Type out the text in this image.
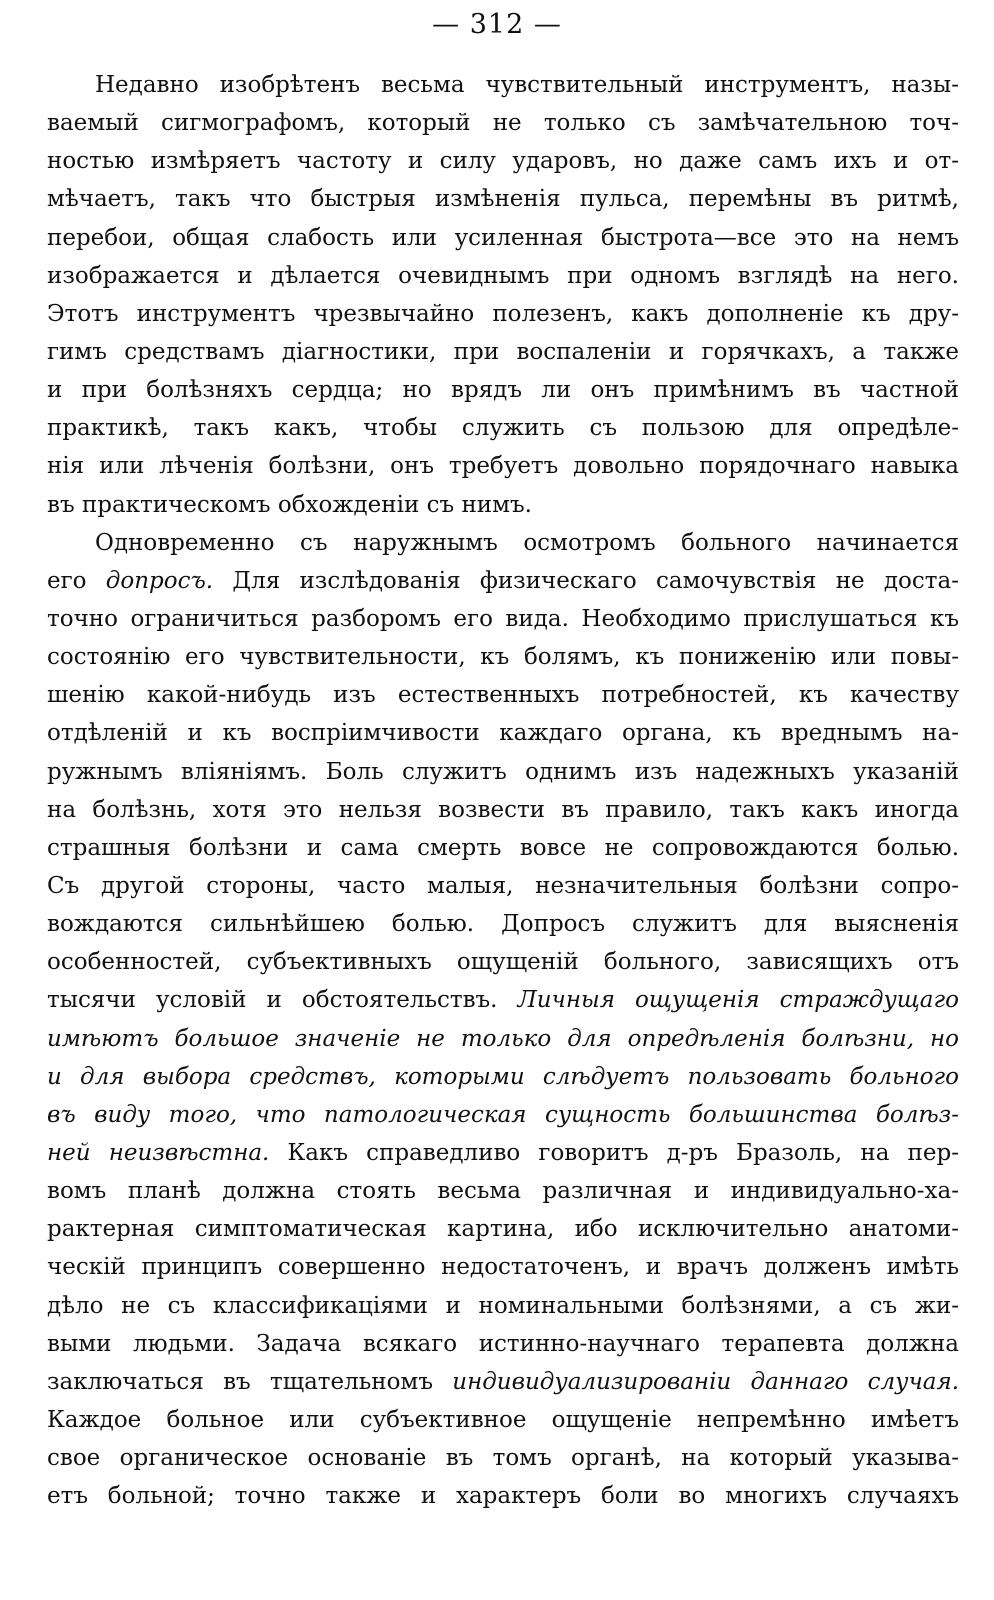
— 312 —
Недавно изобрѣтенъ весьма чувствительный инструментъ, назы-
ваемый сигмографомъ, который не только съ замѣчательною точ-
ностью измѣряетъ частоту и силу ударовъ, но даже самъ ихъ и от-
мѣчаетъ, такъ что быстрыя измѣненія пульса, перемѣны въ ритмѣ,
перебои, общая слабость или усиленная быстрота—все это на немъ
изображается и дѣлается очевиднымъ при одномъ взглядѣ на него.
Этотъ инструментъ чрезвычайно полезенъ, какъ дополненіе къ дру-
гимъ средствамъ діагностики, при воспаленіи и горячкахъ, а также
и при болѣзняхъ сердца; но врядъ ли онъ примѣнимъ въ частной
практикѣ, такъ какъ, чтобы служить съ пользою для опредѣле-
нія или лѣченія болѣзни, онъ требуетъ довольно порядочнаго навыка
въ практическомъ обхожденіи съ нимъ.
Одновременно съ наружнымъ осмотромъ больного начинается
его допросъ. Для изслѣдованія физическаго самочувствія не доста-
точно ограничиться разборомъ его вида. Необходимо прислушаться къ
состоянію его чувствительности, къ болямъ, къ пониженію или повы-
шенію какой-нибудь изъ естественныхъ потребностей, къ качеству
отдѣленій и къ воспріимчивости каждаго органа, къ вреднымъ на-
ружнымъ вліяніямъ. Боль служитъ однимъ изъ надежныхъ указаній
на болѣзнь, хотя это нельзя возвести въ правило, такъ какъ иногда
страшныя болѣзни и сама смерть вовсе не сопровождаются болью.
Съ другой стороны, часто малыя, незначительныя болѣзни сопро-
вождаются сильнѣйшею болью. Допросъ служитъ для выясненія
особенностей, субъективныхъ ощущеній больного, зависящихъ отъ
тысячи условій и обстоятельствъ. Личныя ощущенія страждущаго
имѣютъ большое значеніе не только для опредѣленія болѣзни, но
и для выбора средствъ, которыми слѣдуетъ пользовать больного
въ виду того, что патологическая сущность большинства болѣз-
ней неизвѣстна. Какъ справедливо говоритъ д-ръ Бразоль, на пер-
вомъ планѣ должна стоять весьма различная и индивидуально-ха-
рактерная симптоматическая картина, ибо исключительно анатоми-
ческій принципъ совершенно недостаточенъ, и врачъ долженъ имѣть
дѣло не съ классификаціями и номинальными болѣзнями, а съ жи-
выми людьми. Задача всякаго истинно-научнаго терапевта должна
заключаться въ тщательномъ индивидуализированіи даннаго случая.
Каждое больное или субъективное ощущеніе непремѣнно имѣетъ
свое органическое основаніе въ томъ органѣ, на который указыва-
етъ больной; точно также и характеръ боли во многихъ случаяхъ
